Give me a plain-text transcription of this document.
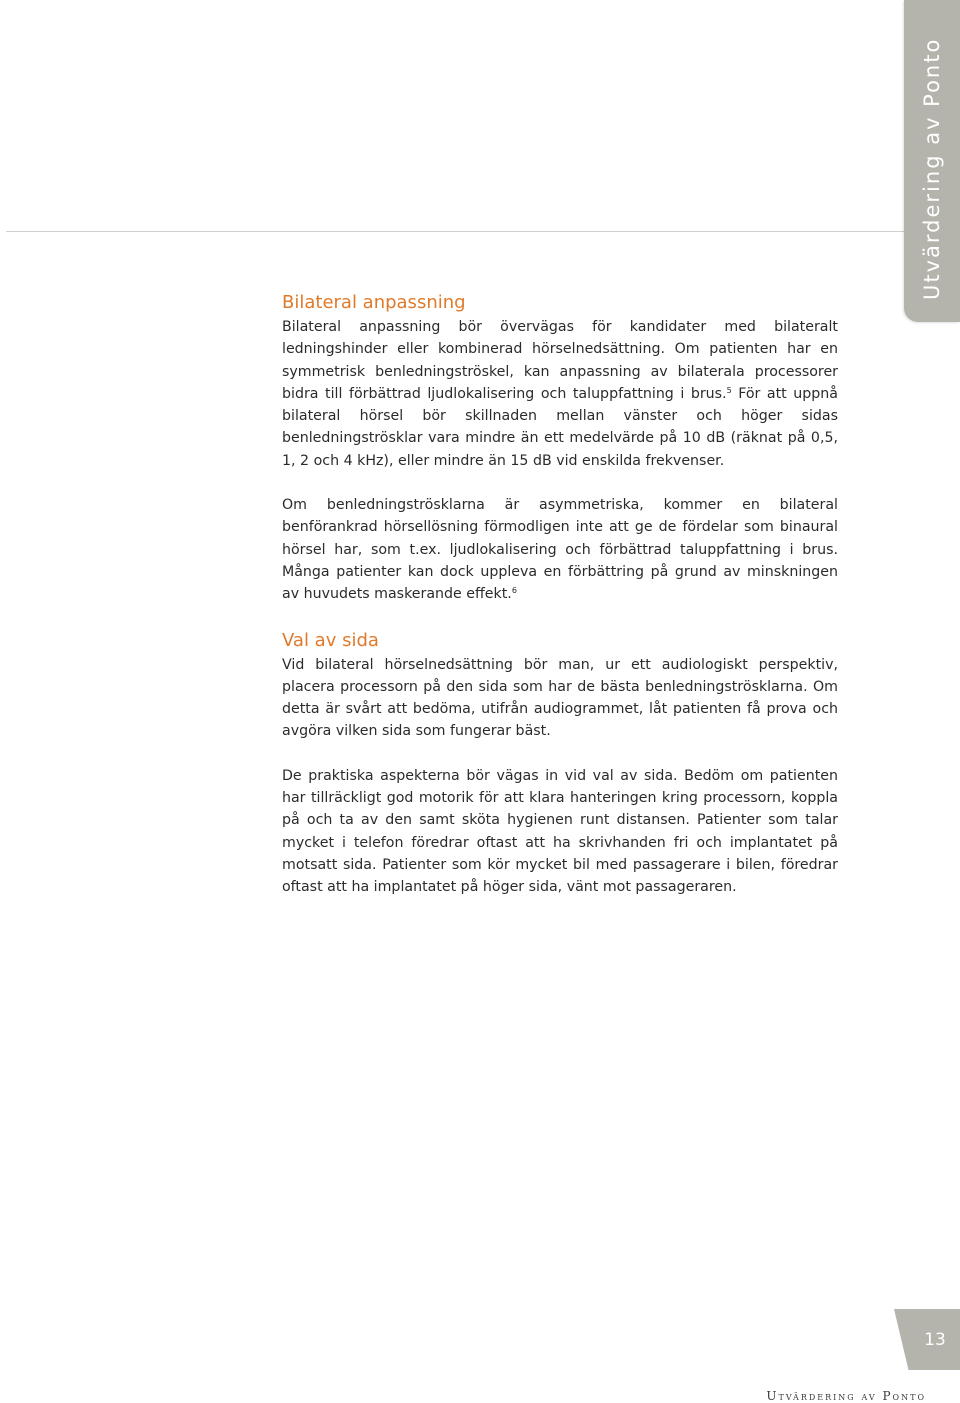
Utvärdering av Ponto
Bilateral anpassning

Bilateral anpassning bör övervägas för kandidater med bilateralt ledningshinder eller kombinerad hörselnedsättning. Om patienten har en symmetrisk benledningströskel, kan anpassning av bilaterala processorer bidra till förbättrad ljudlokalisering och taluppfattning i brus.$^5$ För att uppnå bilateral hörsel bör skillnaden mellan vänster och höger sidas benledningströsklar vara mindre än ett medelvärde på 10 dB (räknat på 0,5, 1, 2 och 4 kHz), eller mindre än 15 dB vid enskilda frekvenser.

Om benledningströsklarna är asymmetriska, kommer en bilateral benförankrad hörsellösning förmodligen inte att ge de fördelar som binaural hörsel har, som t.ex. ljudlokalisering och förbättrad taluppfattning i brus. Många patienter kan dock uppleva en förbättring på grund av minskningen av huvudets maskerande effekt.$^6$

Val av sida

Vid bilateral hörselnedsättning bör man, ur ett audiologiskt perspektiv, placera processorn på den sida som har de bästa benledningströsklarna. Om detta är svårt att bedöma, utifrån audiogrammet, låt patienten få prova och avgöra vilken sida som fungerar bäst.

De praktiska aspekterna bör vägas in vid val av sida. Bedöm om patienten har tillräckligt god motorik för att klara hanteringen kring processorn, koppla på och ta av den samt sköta hygienen runt distansen. Patienter som talar mycket i telefon föredrar oftast att ha skrivhanden fri och implantatet på motsatt sida. Patienter som kör mycket bil med passagerare i bilen, föredrar oftast att ha implantatet på höger sida, vänt mot passageraren.

13
Utvärdering av Ponto
